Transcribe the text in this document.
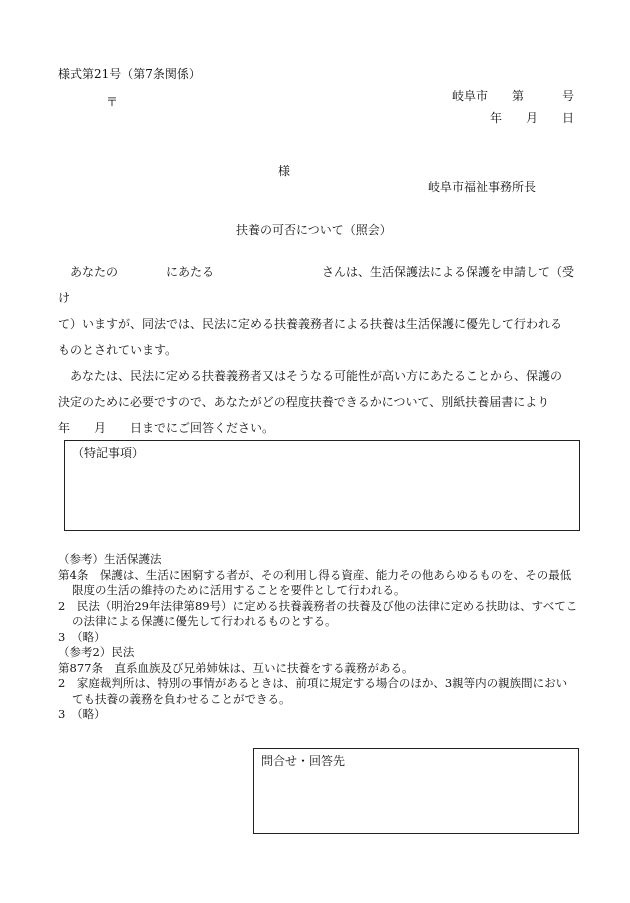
様式第21号（第7条関係）
〒	岐阜市 第	号
年 月 日
様
岐阜市福祉事務所長
扶養の可否について（照会）
　あなたの　　　　にあたる　　　　　　　　　さんは、生活保護法による保護を申請して（受け
て）いますが、同法では、民法に定める扶養義務者による扶養は生活保護に優先して行われる
ものとされています。
　あなたは、民法に定める扶養義務者又はそうなる可能性が高い方にあたることから、保護の
決定のために必要ですので、あなたがどの程度扶養できるかについて、別紙扶養届書により
年　　月　　日までにご回答ください。
（特記事項）
（参考）生活保護法
第4条　保護は、生活に困窮する者が、その利用し得る資産、能力その他あらゆるものを、その最低限度の生活の維持のために活用することを要件として行われる。
2　民法（明治29年法律第89号）に定める扶養義務者の扶養及び他の法律に定める扶助は、すべてこの法律による保護に優先して行われるものとする。
3　（略）
（参考2）民法
第877条　直系血族及び兄弟姉妹は、互いに扶養をする義務がある。
2　家庭裁判所は、特別の事情があるときは、前項に規定する場合のほか、3親等内の親族間においても扶養の義務を負わせることができる。
3　（略）
問合せ・回答先
